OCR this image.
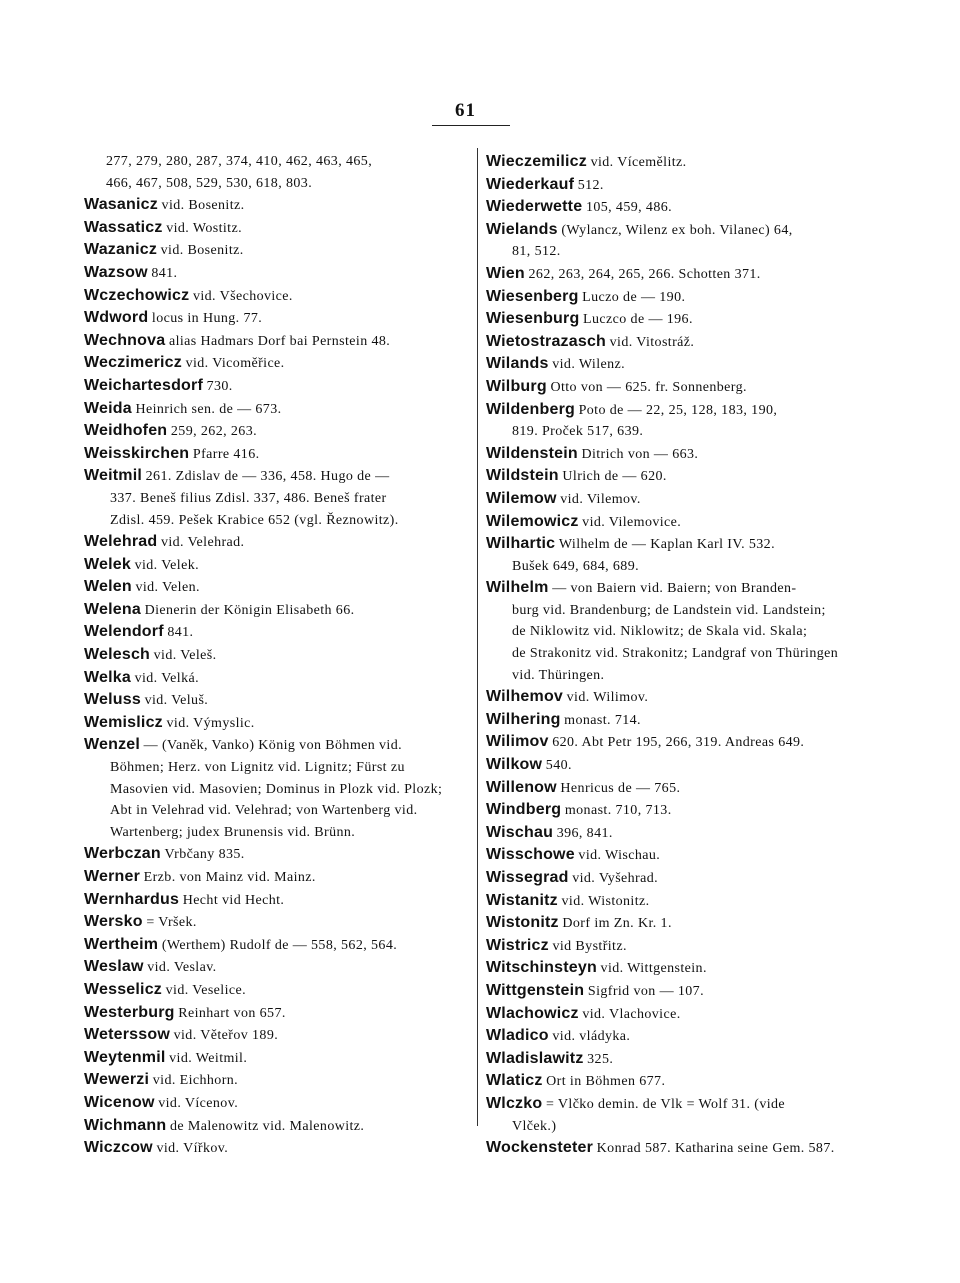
61
277, 279, 280, 287, 374, 410, 462, 463, 465,
466, 467, 508, 529, 530, 618, 803.
Wasanicz vid. Bosenitz.
Wassaticz vid. Wostitz.
Wazanicz vid. Bosenitz.
Wazsow 841.
Wczechowicz vid. Všechovice.
Wdword locus in Hung. 77.
Wechnova alias Hadmars Dorf bai Pernstein 48.
Weczimericz vid. Vicoměřice.
Weichartesdorf 730.
Weida Heinrich sen. de — 673.
Weidhofen 259, 262, 263.
Weisskirchen Pfarre 416.
Weitmil 261. Zdislav de — 336, 458. Hugo de —
337. Beneš filius Zdisl. 337, 486. Beneš frater
Zdisl. 459. Pešek Krabice 652 (vgl. Řeznowitz).
Welehrad vid. Velehrad.
Welek vid. Velek.
Welen vid. Velen.
Welena Dienerin der Königin Elisabeth 66.
Welendorf 841.
Welesch vid. Veleš.
Welka vid. Velká.
Weluss vid. Veluš.
Wemislicz vid. Výmyslic.
Wenzel — (Vaněk, Vanko) König von Böhmen vid.
Böhmen; Herz. von Lignitz vid. Lignitz; Fürst zu
Masovien vid. Masovien; Dominus in Plozk vid. Plozk;
Abt in Velehrad vid. Velehrad; von Wartenberg vid.
Wartenberg; judex Brunensis vid. Brünn.
Werbczan Vrbčany 835.
Werner Erzb. von Mainz vid. Mainz.
Wernhardus Hecht vid Hecht.
Wersko = Vršek.
Wertheim (Werthem) Rudolf de — 558, 562, 564.
Weslaw vid. Veslav.
Wesselicz vid. Veselice.
Westerburg Reinhart von 657.
Weterssow vid. Věteřov 189.
Weytenmil vid. Weitmil.
Wewerzi vid. Eichhorn.
Wicenow vid. Vícenov.
Wichmann de Malenowitz vid. Malenowitz.
Wiczcow vid. Vířkov.
Wieczemilicz vid. Vícemělitz.
Wiederkauf 512.
Wiederwette 105, 459, 486.
Wielands (Wylancz, Wilenz ex boh. Vilanec) 64,
81, 512.
Wien 262, 263, 264, 265, 266. Schotten 371.
Wiesenberg Luczo de — 190.
Wiesenburg Luczco de — 196.
Wietostrazasch vid. Vitostráž.
Wilands vid. Wilenz.
Wilburg Otto von — 625. fr. Sonnenberg.
Wildenberg Poto de — 22, 25, 128, 183, 190,
819. Proček 517, 639.
Wildenstein Ditrich von — 663.
Wildstein Ulrich de — 620.
Wilemow vid. Vilemov.
Wilemowicz vid. Vilemovice.
Wilhartic Wilhelm de — Kaplan Karl IV. 532.
Bušek 649, 684, 689.
Wilhelm — von Baiern vid. Baiern; von Branden-
burg vid. Brandenburg; de Landstein vid. Landstein;
de Niklowitz vid. Niklowitz; de Skala vid. Skala;
de Strakonitz vid. Strakonitz; Landgraf von Thüringen
vid. Thüringen.
Wilhemov vid. Wilimov.
Wilhering monast. 714.
Wilimov 620. Abt Petr 195, 266, 319. Andreas 649.
Wilkow 540.
Willenow Henricus de — 765.
Windberg monast. 710, 713.
Wischau 396, 841.
Wisschowe vid. Wischau.
Wissegrad vid. Vyšehrad.
Wistanitz vid. Wistonitz.
Wistonitz Dorf im Zn. Kr. 1.
Wistricz vid Bystřitz.
Witschinsteyn vid. Wittgenstein.
Wittgenstein Sigfrid von — 107.
Wlachowicz vid. Vlachovice.
Wladico vid. vládyka.
Wladislawitz 325.
Wlaticz Ort in Böhmen 677.
Wlczko = Vlčko demin. de Vlk = Wolf 31. (vide
Vlček.)
Wockensteter Konrad 587. Katharina seine Gem. 587.
